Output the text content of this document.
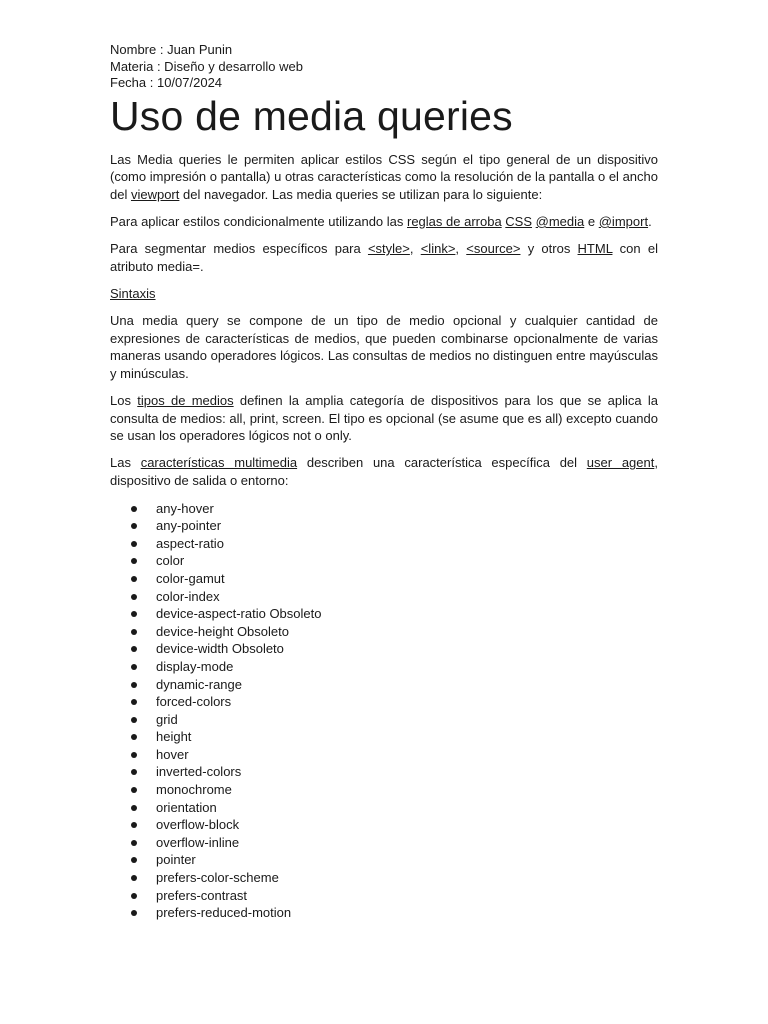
Nombre : Juan Punin

Materia : Diseño y desarrollo web

Fecha : 10/07/2024

Uso de media queries

Las Media queries le permiten aplicar estilos CSS según el tipo general de un dispositivo (como impresión o pantalla) u otras características como la resolución de la pantalla o el ancho del viewport del navegador. Las media queries se utilizan para lo siguiente:

Para aplicar estilos condicionalmente utilizando las reglas de arroba CSS @media e @import.

Para segmentar medios específicos para <style>, <link>, <source> y otros HTML con el atributo media=.

Sintaxis

Una media query se compone de un tipo de medio opcional y cualquier cantidad de expresiones de características de medios, que pueden combinarse opcionalmente de varias maneras usando operadores lógicos. Las consultas de medios no distinguen entre mayúsculas y minúsculas.

Los tipos de medios definen la amplia categoría de dispositivos para los que se aplica la consulta de medios: all, print, screen. El tipo es opcional (se asume que es all) excepto cuando se usan los operadores lógicos not o only.

Las características multimedia describen una característica específica del user agent, dispositivo de salida o entorno:

any-hover
any-pointer
aspect-ratio
color
color-gamut
color-index
device-aspect-ratio Obsoleto
device-height Obsoleto
device-width Obsoleto
display-mode
dynamic-range
forced-colors
grid
height
hover
inverted-colors
monochrome
orientation
overflow-block
overflow-inline
pointer
prefers-color-scheme
prefers-contrast
prefers-reduced-motion
